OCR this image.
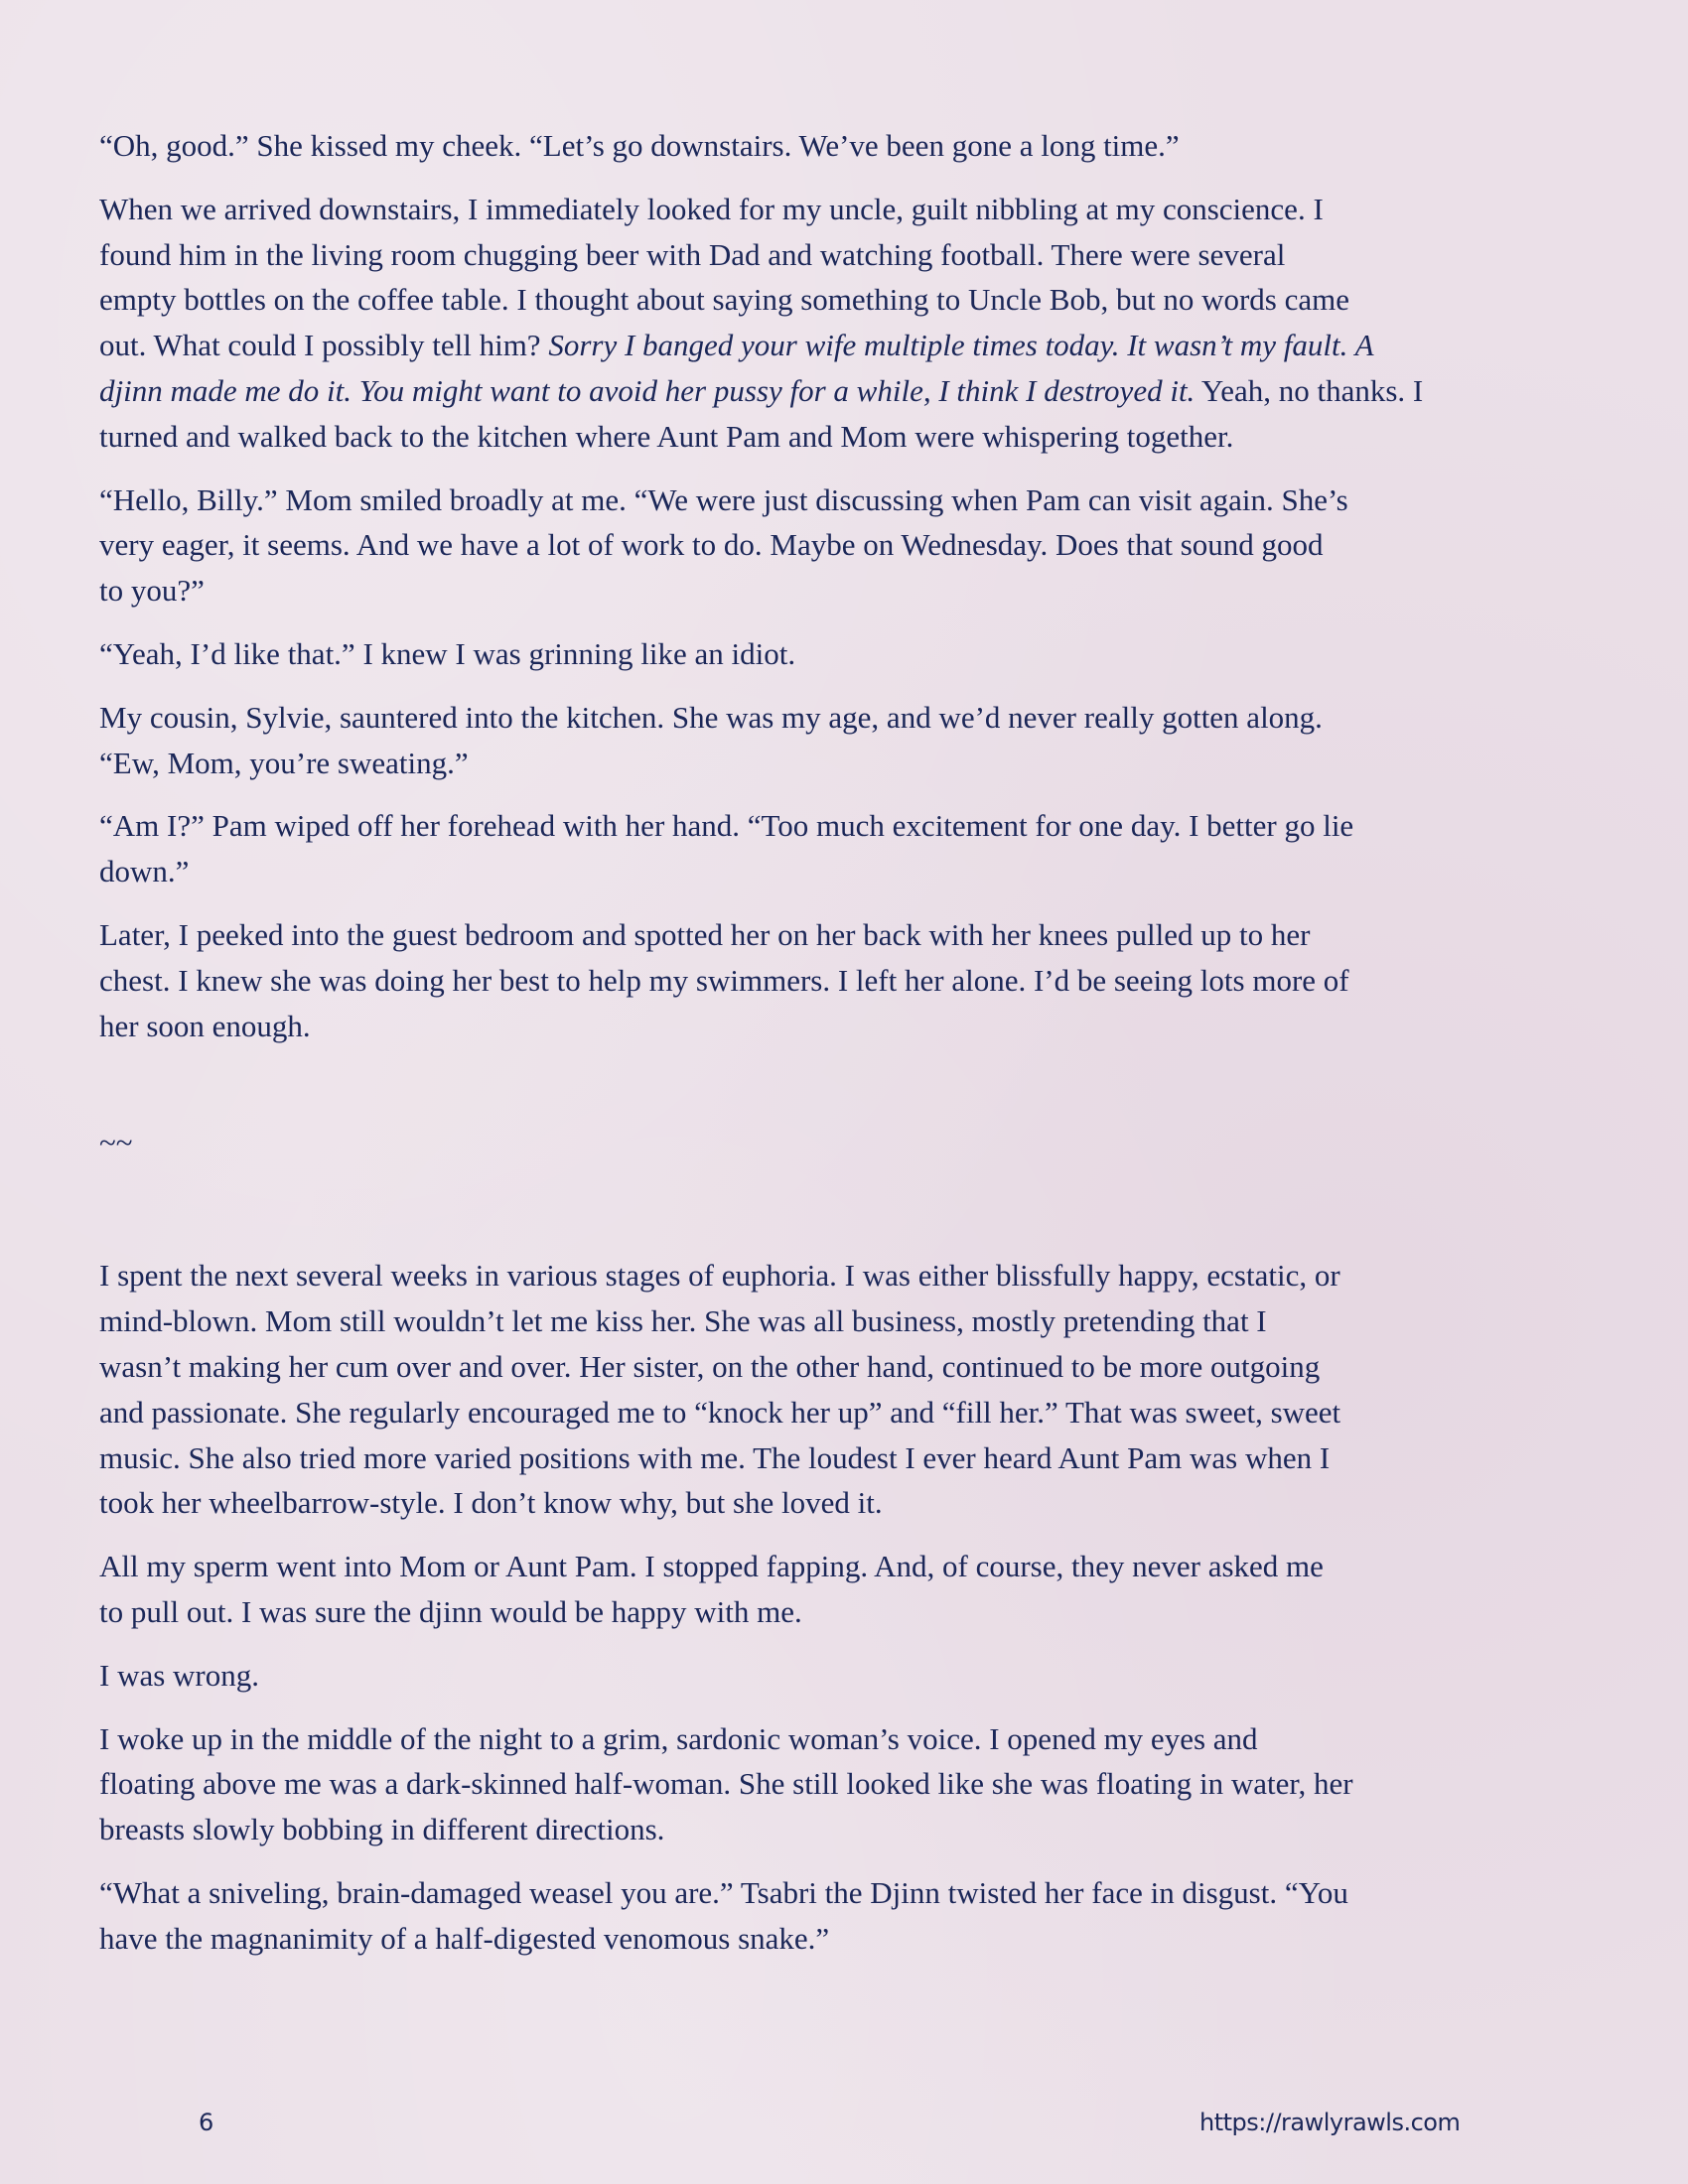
“Oh, good.” She kissed my cheek. “Let’s go downstairs. We’ve been gone a long time.”

When we arrived downstairs, I immediately looked for my uncle, guilt nibbling at my conscience. I
found him in the living room chugging beer with Dad and watching football. There were several
empty bottles on the coffee table. I thought about saying something to Uncle Bob, but no words came
out. What could I possibly tell him? Sorry I banged your wife multiple times today. It wasn’t my fault. A
djinn made me do it. You might want to avoid her pussy for a while, I think I destroyed it. Yeah, no thanks. I
turned and walked back to the kitchen where Aunt Pam and Mom were whispering together.

“Hello, Billy.” Mom smiled broadly at me. “We were just discussing when Pam can visit again. She’s
very eager, it seems. And we have a lot of work to do. Maybe on Wednesday. Does that sound good
to you?”

“Yeah, I’d like that.” I knew I was grinning like an idiot.

My cousin, Sylvie, sauntered into the kitchen. She was my age, and we’d never really gotten along.
“Ew, Mom, you’re sweating.”

“Am I?” Pam wiped off her forehead with her hand. “Too much excitement for one day. I better go lie
down.”

Later, I peeked into the guest bedroom and spotted her on her back with her knees pulled up to her
chest. I knew she was doing her best to help my swimmers. I left her alone. I’d be seeing lots more of
her soon enough.

~~

I spent the next several weeks in various stages of euphoria. I was either blissfully happy, ecstatic, or
mind-blown. Mom still wouldn’t let me kiss her. She was all business, mostly pretending that I
wasn’t making her cum over and over. Her sister, on the other hand, continued to be more outgoing
and passionate. She regularly encouraged me to “knock her up” and “fill her.” That was sweet, sweet
music. She also tried more varied positions with me. The loudest I ever heard Aunt Pam was when I
took her wheelbarrow-style. I don’t know why, but she loved it.

All my sperm went into Mom or Aunt Pam. I stopped fapping. And, of course, they never asked me
to pull out. I was sure the djinn would be happy with me.

I was wrong.

I woke up in the middle of the night to a grim, sardonic woman’s voice. I opened my eyes and
floating above me was a dark-skinned half-woman. She still looked like she was floating in water, her
breasts slowly bobbing in different directions.

“What a sniveling, brain-damaged weasel you are.” Tsabri the Djinn twisted her face in disgust. “You
have the magnanimity of a half-digested venomous snake.”

6	https://rawlyrawls.com
